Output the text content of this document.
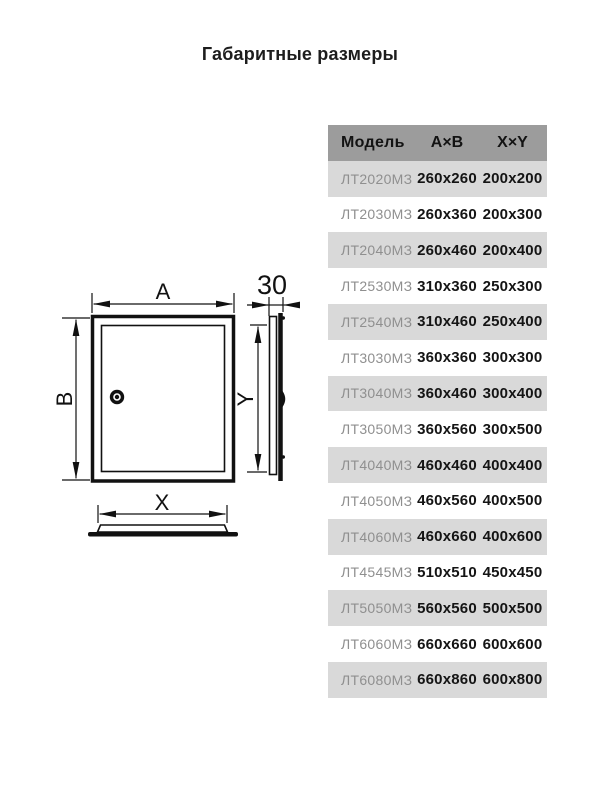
Габаритные размеры
A
B
X
30
Y
Модель	А×В	X×Y
ЛТ2020МЗ 260x260 200x200
ЛТ2030МЗ 260x360 200x300
ЛТ2040МЗ 260x460 200x400
ЛТ2530МЗ 310x360 250x300
ЛТ2540МЗ 310x460 250x400
ЛТ3030МЗ 360x360 300x300
ЛТ3040МЗ 360x460 300x400
ЛТ3050МЗ 360x560 300x500
ЛТ4040МЗ 460x460 400x400
ЛТ4050МЗ 460x560 400x500
ЛТ4060МЗ 460x660 400x600
ЛТ4545МЗ 510x510 450x450
ЛТ5050МЗ 560x560 500x500
ЛТ6060МЗ 660x660 600x600
ЛТ6080МЗ 660x860 600x800
